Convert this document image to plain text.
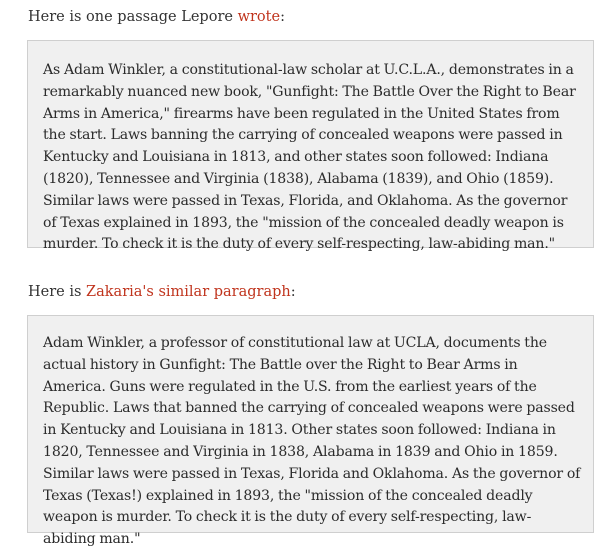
Here is one passage Lepore wrote:

As Adam Winkler, a constitutional-law scholar at U.C.L.A., demonstrates in a remarkably nuanced new book, "Gunfight: The Battle Over the Right to Bear Arms in America," firearms have been regulated in the United States from the start. Laws banning the carrying of concealed weapons were passed in Kentucky and Louisiana in 1813, and other states soon followed: Indiana (1820), Tennessee and Virginia (1838), Alabama (1839), and Ohio (1859). Similar laws were passed in Texas, Florida, and Oklahoma. As the governor of Texas explained in 1893, the "mission of the concealed deadly weapon is murder. To check it is the duty of every self-respecting, law-abiding man."

Here is Zakaria's similar paragraph:

Adam Winkler, a professor of constitutional law at UCLA, documents the actual history in Gunfight: The Battle over the Right to Bear Arms in America. Guns were regulated in the U.S. from the earliest years of the Republic. Laws that banned the carrying of concealed weapons were passed in Kentucky and Louisiana in 1813. Other states soon followed: Indiana in 1820, Tennessee and Virginia in 1838, Alabama in 1839 and Ohio in 1859. Similar laws were passed in Texas, Florida and Oklahoma. As the governor of Texas (Texas!) explained in 1893, the "mission of the concealed deadly weapon is murder. To check it is the duty of every self-respecting, law-abiding man."
